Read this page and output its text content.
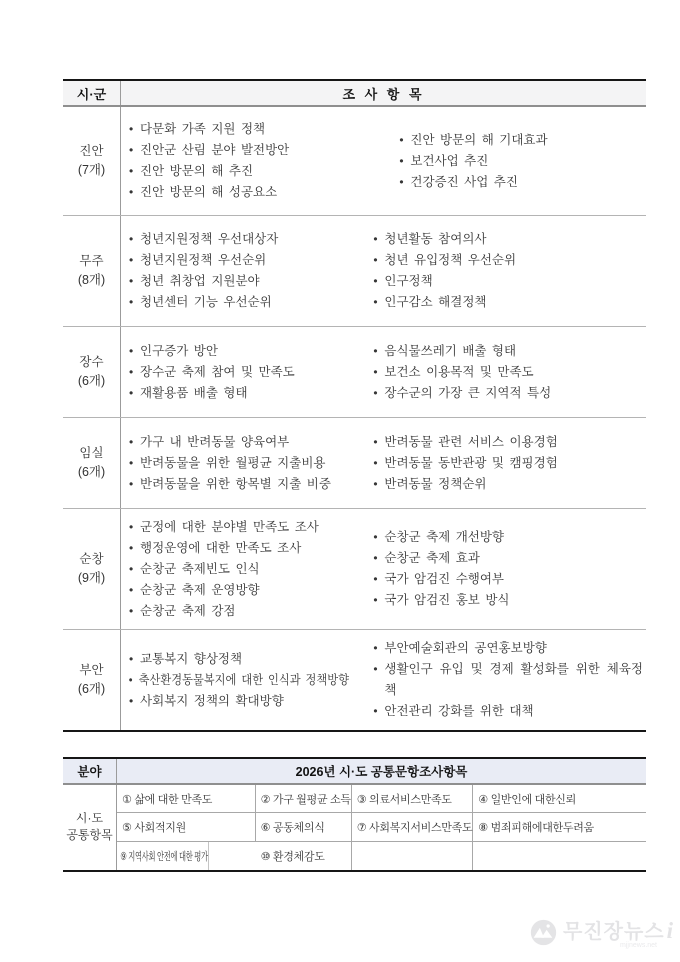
시·군	조 사 항 목
진안
(7개)
• 다문화 가족 지원 정책
• 진안군 산림 분야 발전방안
• 진안 방문의 해 추진
• 진안 방문의 해 성공요소
• 진안 방문의 해 기대효과
• 보건사업 추진
• 건강증진 사업 추진
무주
(8개)
• 청년지원정책 우선대상자
• 청년지원정책 우선순위
• 청년 취창업 지원분야
• 청년센터 기능 우선순위
• 청년활동 참여의사
• 청년 유입정책 우선순위
• 인구정책
• 인구감소 해결정책
장수
(6개)
• 인구증가 방안
• 장수군 축제 참여 및 만족도
• 재활용품 배출 형태
• 음식물쓰레기 배출 형태
• 보건소 이용목적 및 만족도
• 장수군의 가장 큰 지역적 특성
임실
(6개)
• 가구 내 반려동물 양육여부
• 반려동물을 위한 월평균 지출비용
• 반려동물을 위한 항목별 지출 비중
• 반려동물 관련 서비스 이용경험
• 반려동물 동반관광 및 캠핑경험
• 반려동물 정책순위
순창
(9개)
• 군정에 대한 분야별 만족도 조사
• 행정운영에 대한 만족도 조사
• 순창군 축제빈도 인식
• 순창군 축제 운영방향
• 순창군 축제 강점
• 순창군 축제 개선방향
• 순창군 축제 효과
• 국가 암검진 수행여부
• 국가 암검진 홍보 방식
부안
(6개)
• 교통복지 향상정책
• 축산환경동물복지에 대한 인식과 정책방향
• 사회복지 정책의 확대방향
• 부안예술회관의 공연홍보방향
• 생활인구 유입 및 경제 활성화를 위한 체육정책
• 안전관리 강화를 위한 대책
분야	2026년 시·도 공통문항조사항목
시·도
공통항목
① 삶에 대한 만족도	② 가구 월평균 소득 ③ 의료서비스만족도	④ 일반인에 대한신뢰
⑤ 사회적지원	⑥ 공동체의식	⑦ 사회복지서비스만족도 ⑧ 범죄피해에대한두려움
⑨ 지역사회 안전에 대한 평가	⑩ 환경체감도
무진장뉴스i
mjjnews.net
